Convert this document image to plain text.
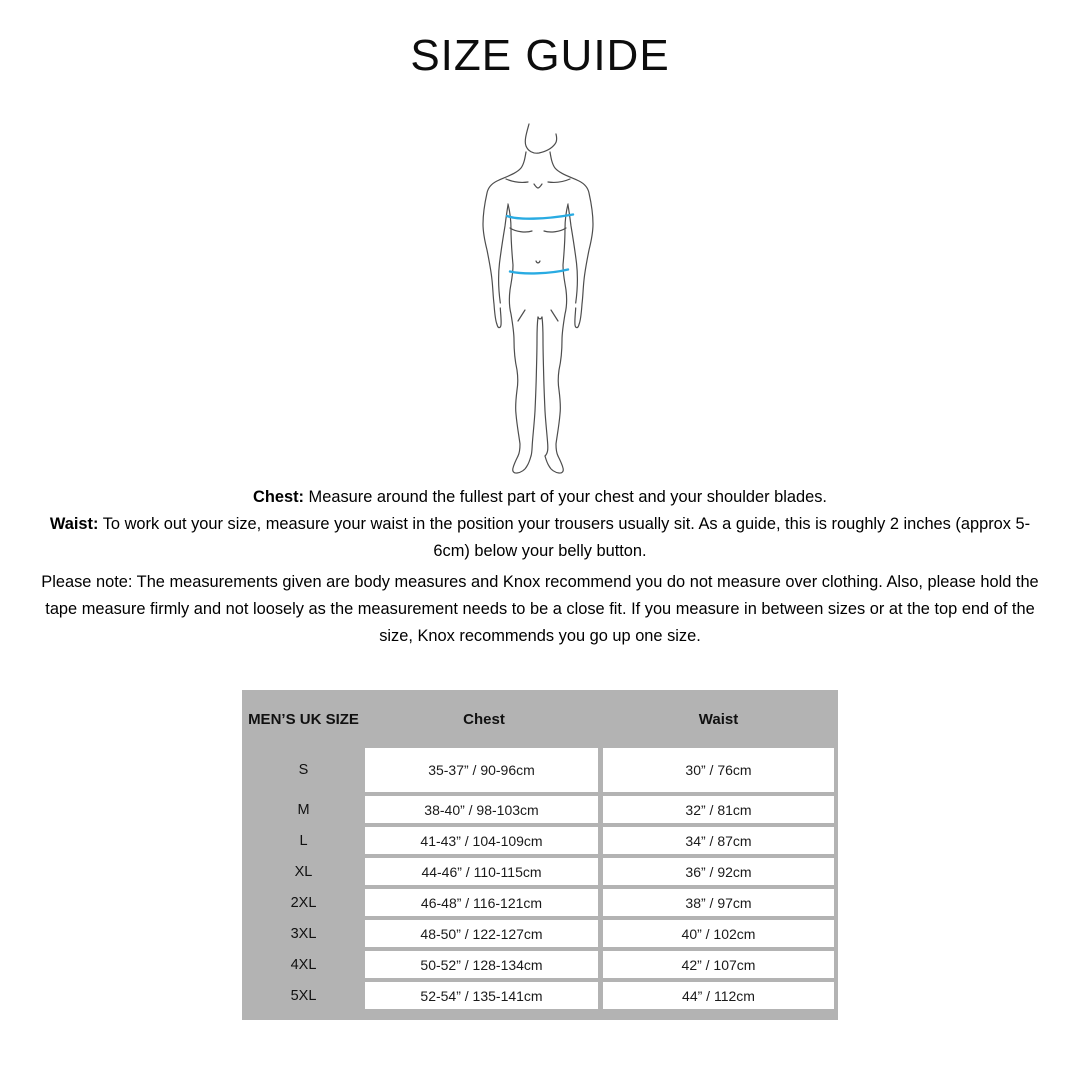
SIZE GUIDE

Chest: Measure around the fullest part of your chest and your shoulder blades.

Waist: To work out your size, measure your waist in the position your trousers usually sit. As a guide, this is roughly 2 inches (approx 5-6cm) below your belly button.

Please note: The measurements given are body measures and Knox recommend you do not measure over clothing. Also, please hold the tape measure firmly and not loosely as the measurement needs to be a close fit. If you measure in between sizes or at the top end of the size, Knox recommends you go up one size.

MEN’S UK SIZE	Chest	Waist
S	35-37” / 90-96cm	30” / 76cm
M	38-40” / 98-103cm	32” / 81cm
L	41-43” / 104-109cm	34” / 87cm
XL	44-46” / 110-115cm	36” / 92cm
2XL	46-48” / 116-121cm	38” / 97cm
3XL	48-50” / 122-127cm	40” / 102cm
4XL	50-52” / 128-134cm	42” / 107cm
5XL	52-54” / 135-141cm	44” / 112cm
